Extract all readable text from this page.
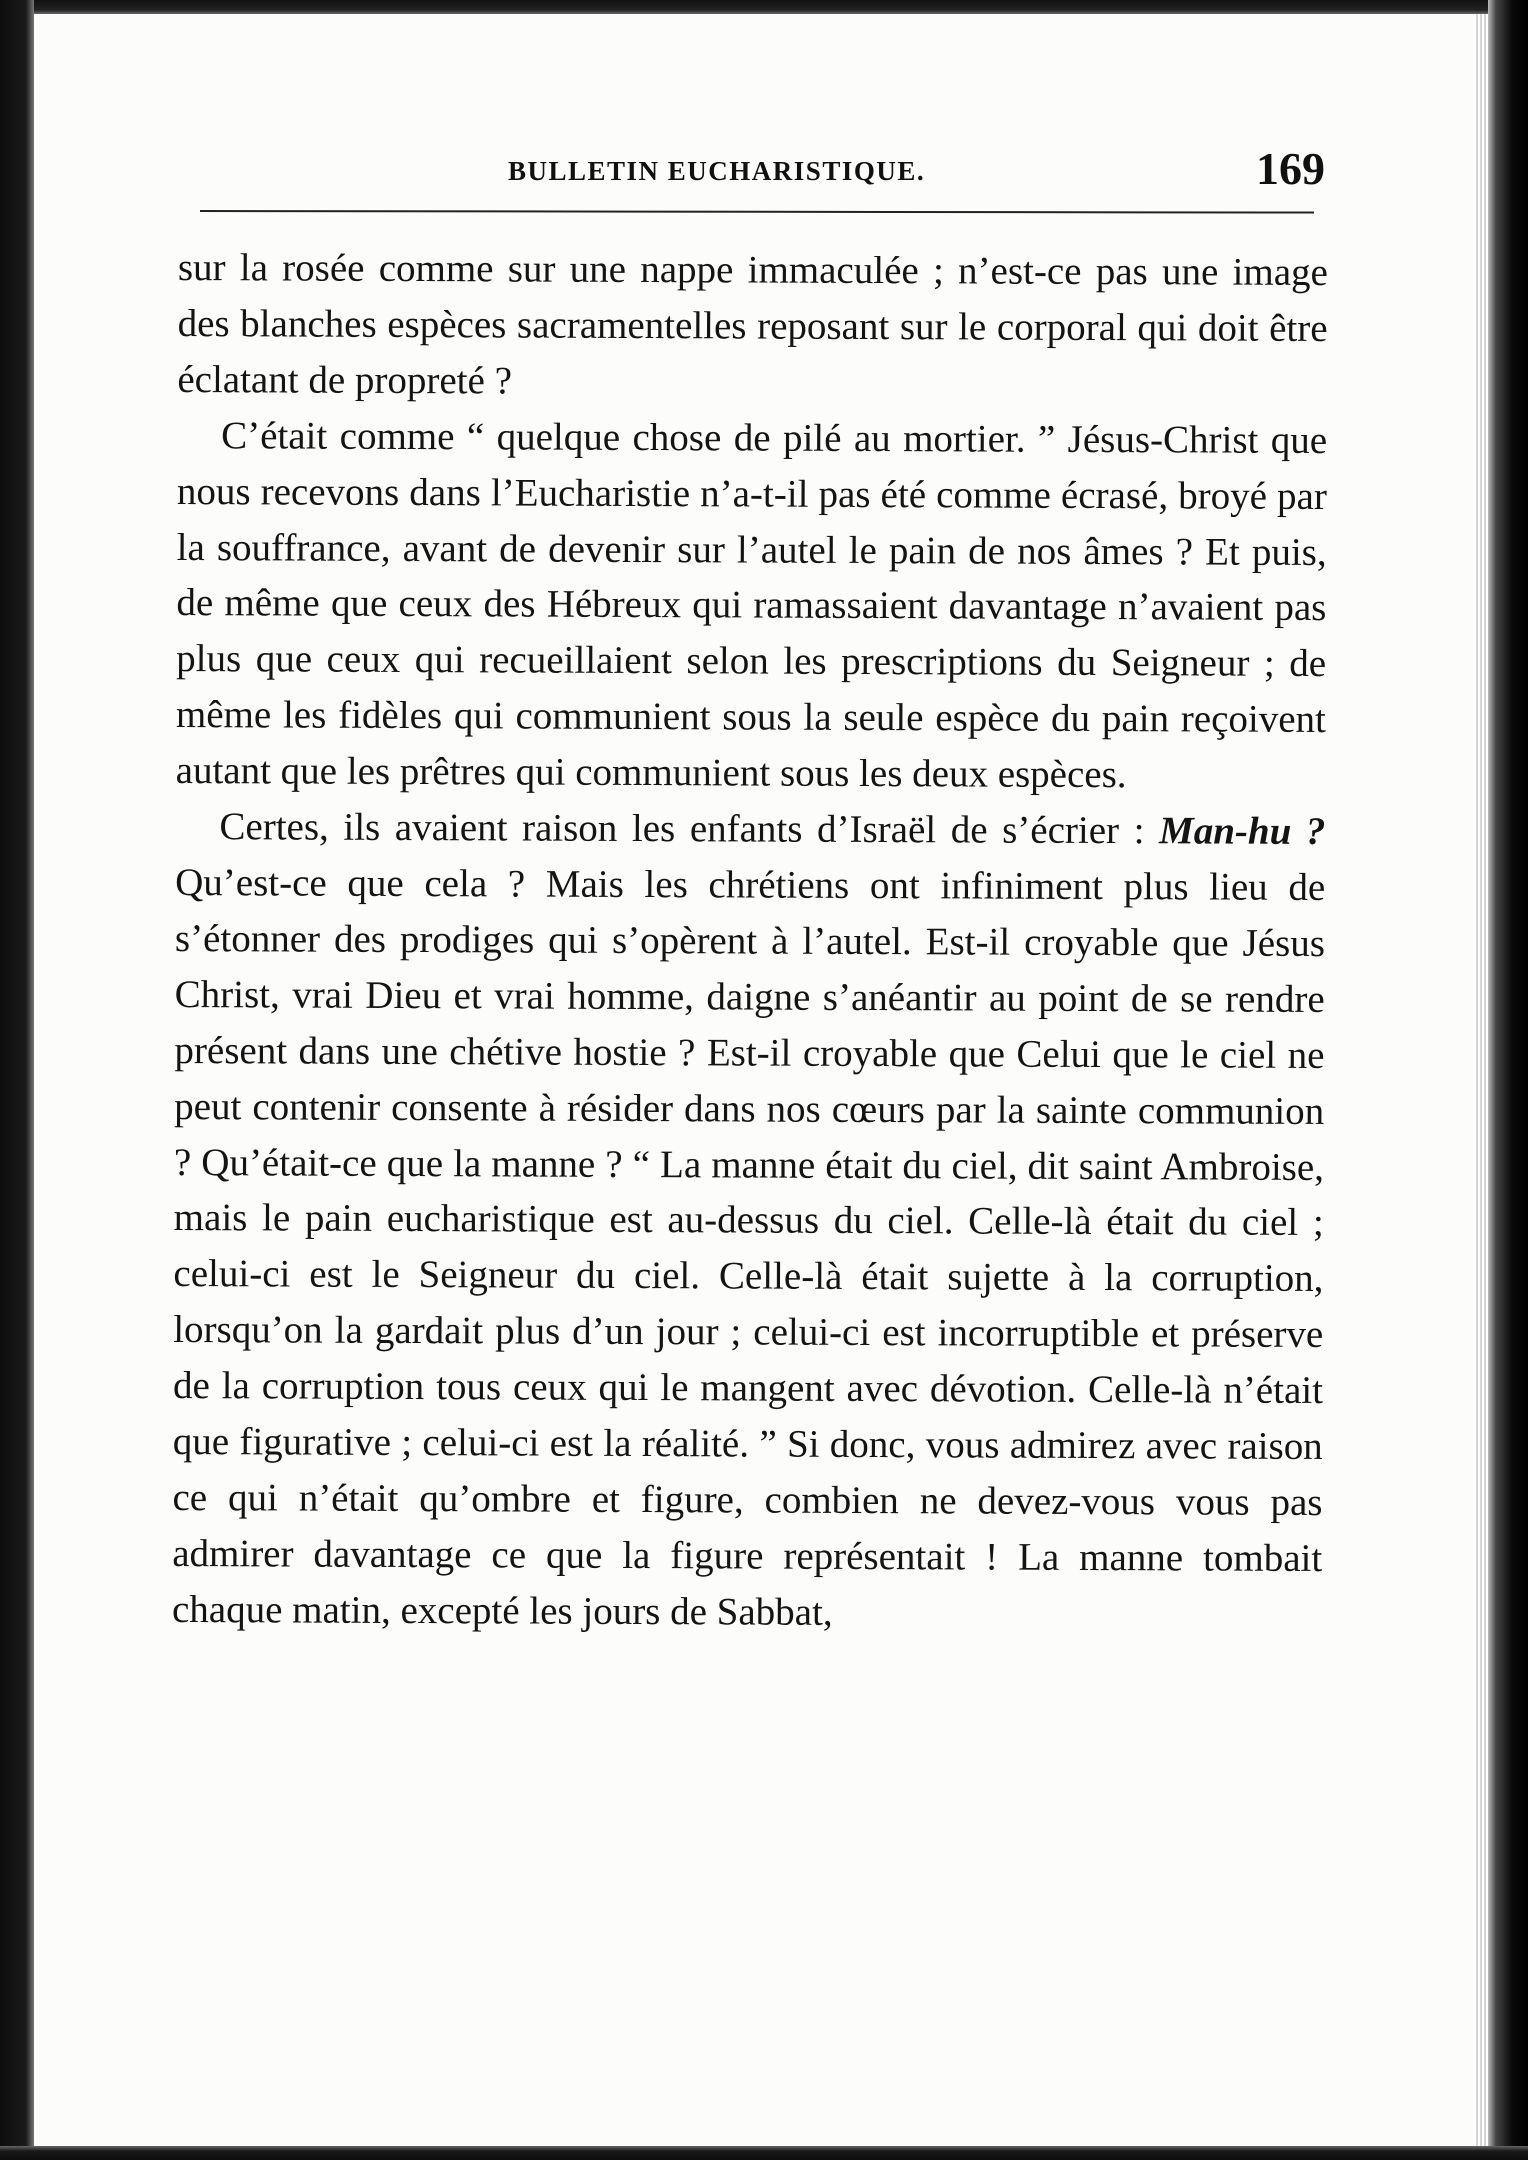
BULLETIN EUCHARISTIQUE.	169

sur la rosée comme sur une nappe immaculée ; n’est-ce pas une image des blanches espèces sacramentelles reposant sur le corporal qui doit être éclatant de propreté ?

C’était comme “ quelque chose de pilé au mortier. ” Jésus-Christ que nous recevons dans l’Eucharistie n’a-t-il pas été comme écrasé, broyé par la souffrance, avant de devenir sur l’autel le pain de nos âmes ? Et puis, de même que ceux des Hébreux qui ramassaient davantage n’avaient pas plus que ceux qui recueillaient selon les prescriptions du Seigneur ; de même les fidèles qui communient sous la seule espèce du pain reçoivent autant que les prêtres qui communient sous les deux espèces.

Certes, ils avaient raison les enfants d’Israël de s’écrier : Man-hu ? Qu’est-ce que cela ? Mais les chrétiens ont infiniment plus lieu de s’étonner des prodiges qui s’opèrent à l’autel. Est-il croyable que Jésus Christ, vrai Dieu et vrai homme, daigne s’anéantir au point de se rendre présent dans une chétive hostie ? Est-il croyable que Celui que le ciel ne peut contenir consente à résider dans nos cœurs par la sainte communion ? Qu’était-ce que la manne ? “ La manne était du ciel, dit saint Ambroise, mais le pain eucharistique est au-dessus du ciel. Celle-là était du ciel ; celui-ci est le Seigneur du ciel. Celle-là était sujette à la corruption, lorsqu’on la gardait plus d’un jour ; celui-ci est incorruptible et préserve de la corruption tous ceux qui le mangent avec dévotion. Celle-là n’était que figurative ; celui-ci est la réalité. ” Si donc, vous admirez avec raison ce qui n’était qu’ombre et figure, combien ne devez-vous vous pas admirer davantage ce que la figure représentait ! La manne tombait chaque matin, excepté les jours de Sabbat,
